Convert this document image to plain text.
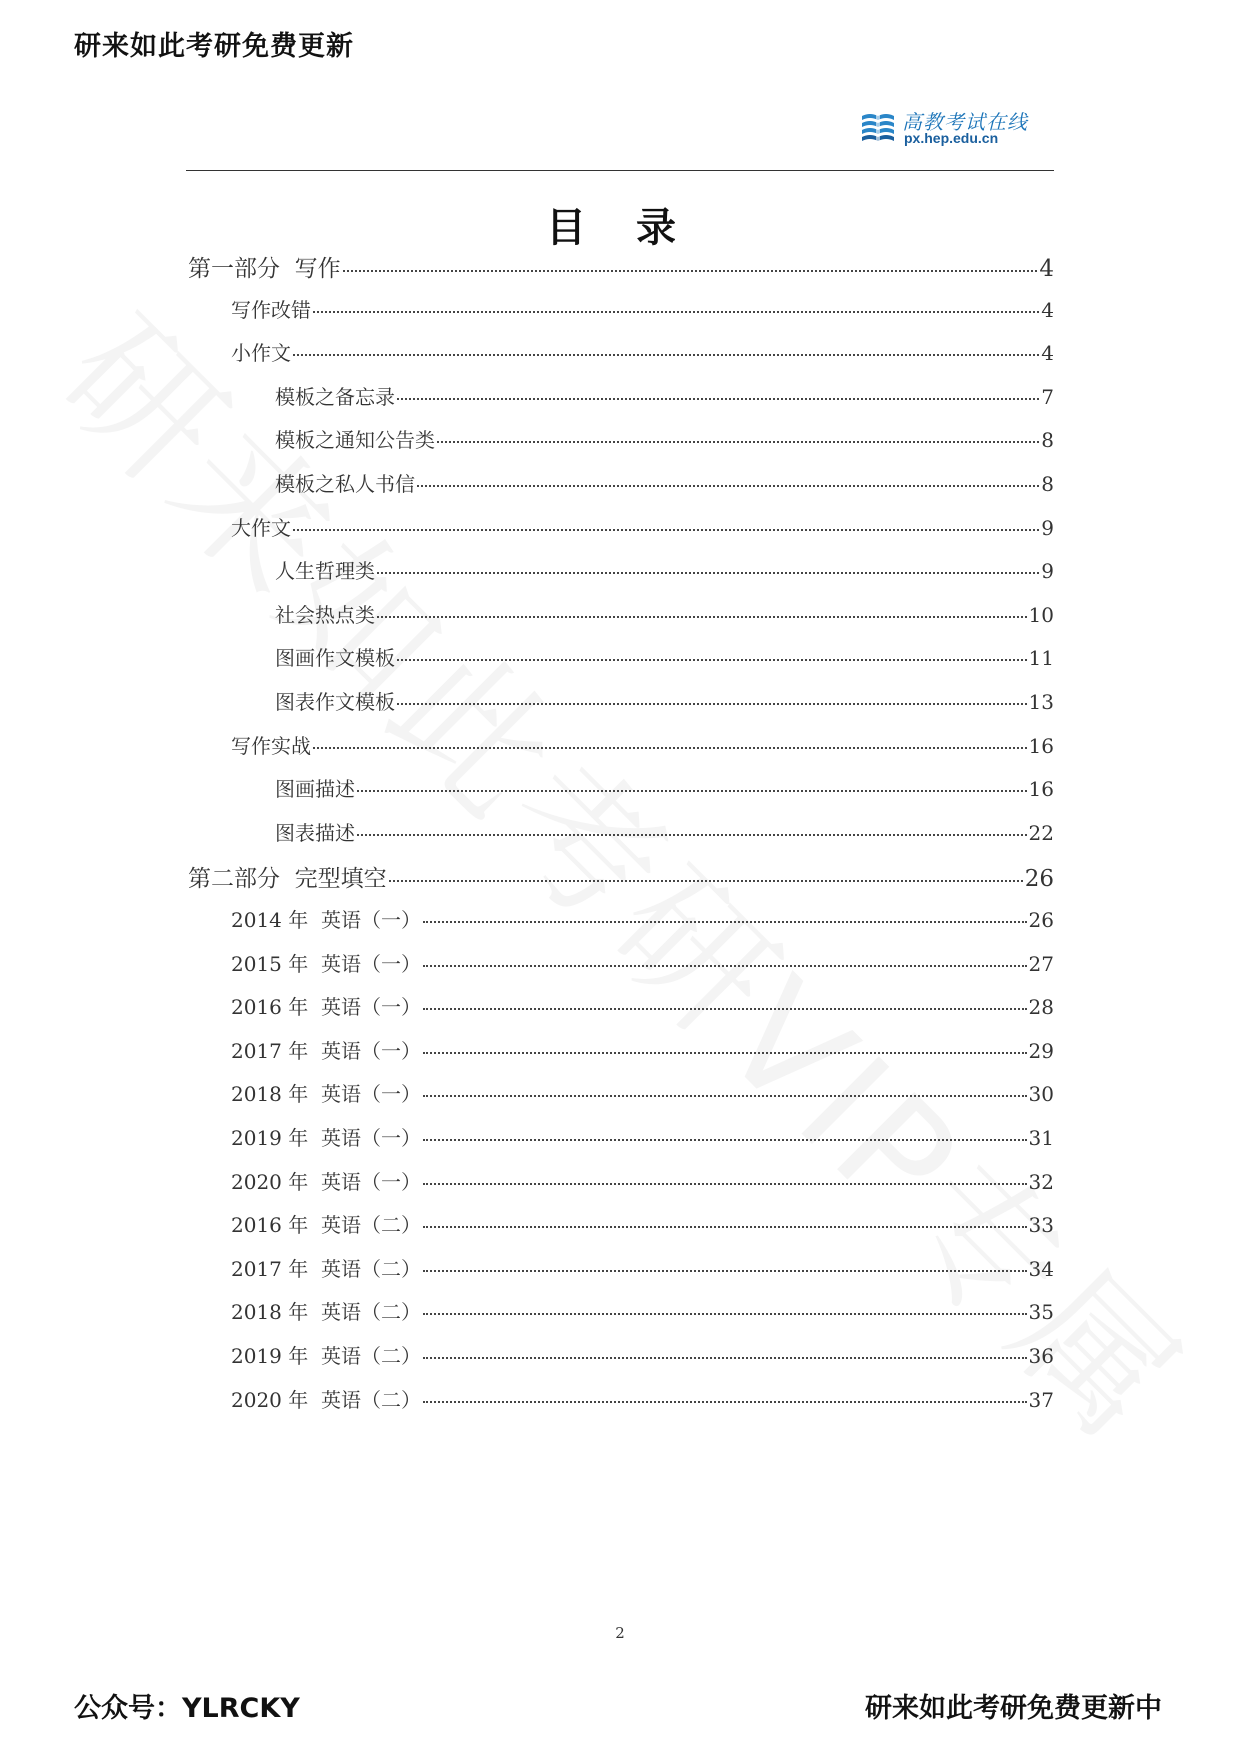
研来如此考研免费更新
高教考试在线
px.hep.edu.cn
目 录
第一部分  写作	4
写作改错	4
小作文	4
模板之备忘录	7
模板之通知公告类	8
模板之私人书信	8
大作文	9
人生哲理类	9
社会热点类	10
图画作文模板	11
图表作文模板	13
写作实战	16
图画描述	16
图表描述	22
第二部分  完型填空	26
2014 年  英语（一）	26
2015 年  英语（一）	27
2016 年  英语（一）	28
2017 年  英语（一）	29
2018 年  英语（一）	30
2019 年  英语（一）	31
2020 年  英语（一）	32
2016 年  英语（二）	33
2017 年  英语（二）	34
2018 年  英语（二）	35
2019 年  英语（二）	36
2020 年  英语（二）	37
2
公众号：YLRCKY	研来如此考研免费更新中
